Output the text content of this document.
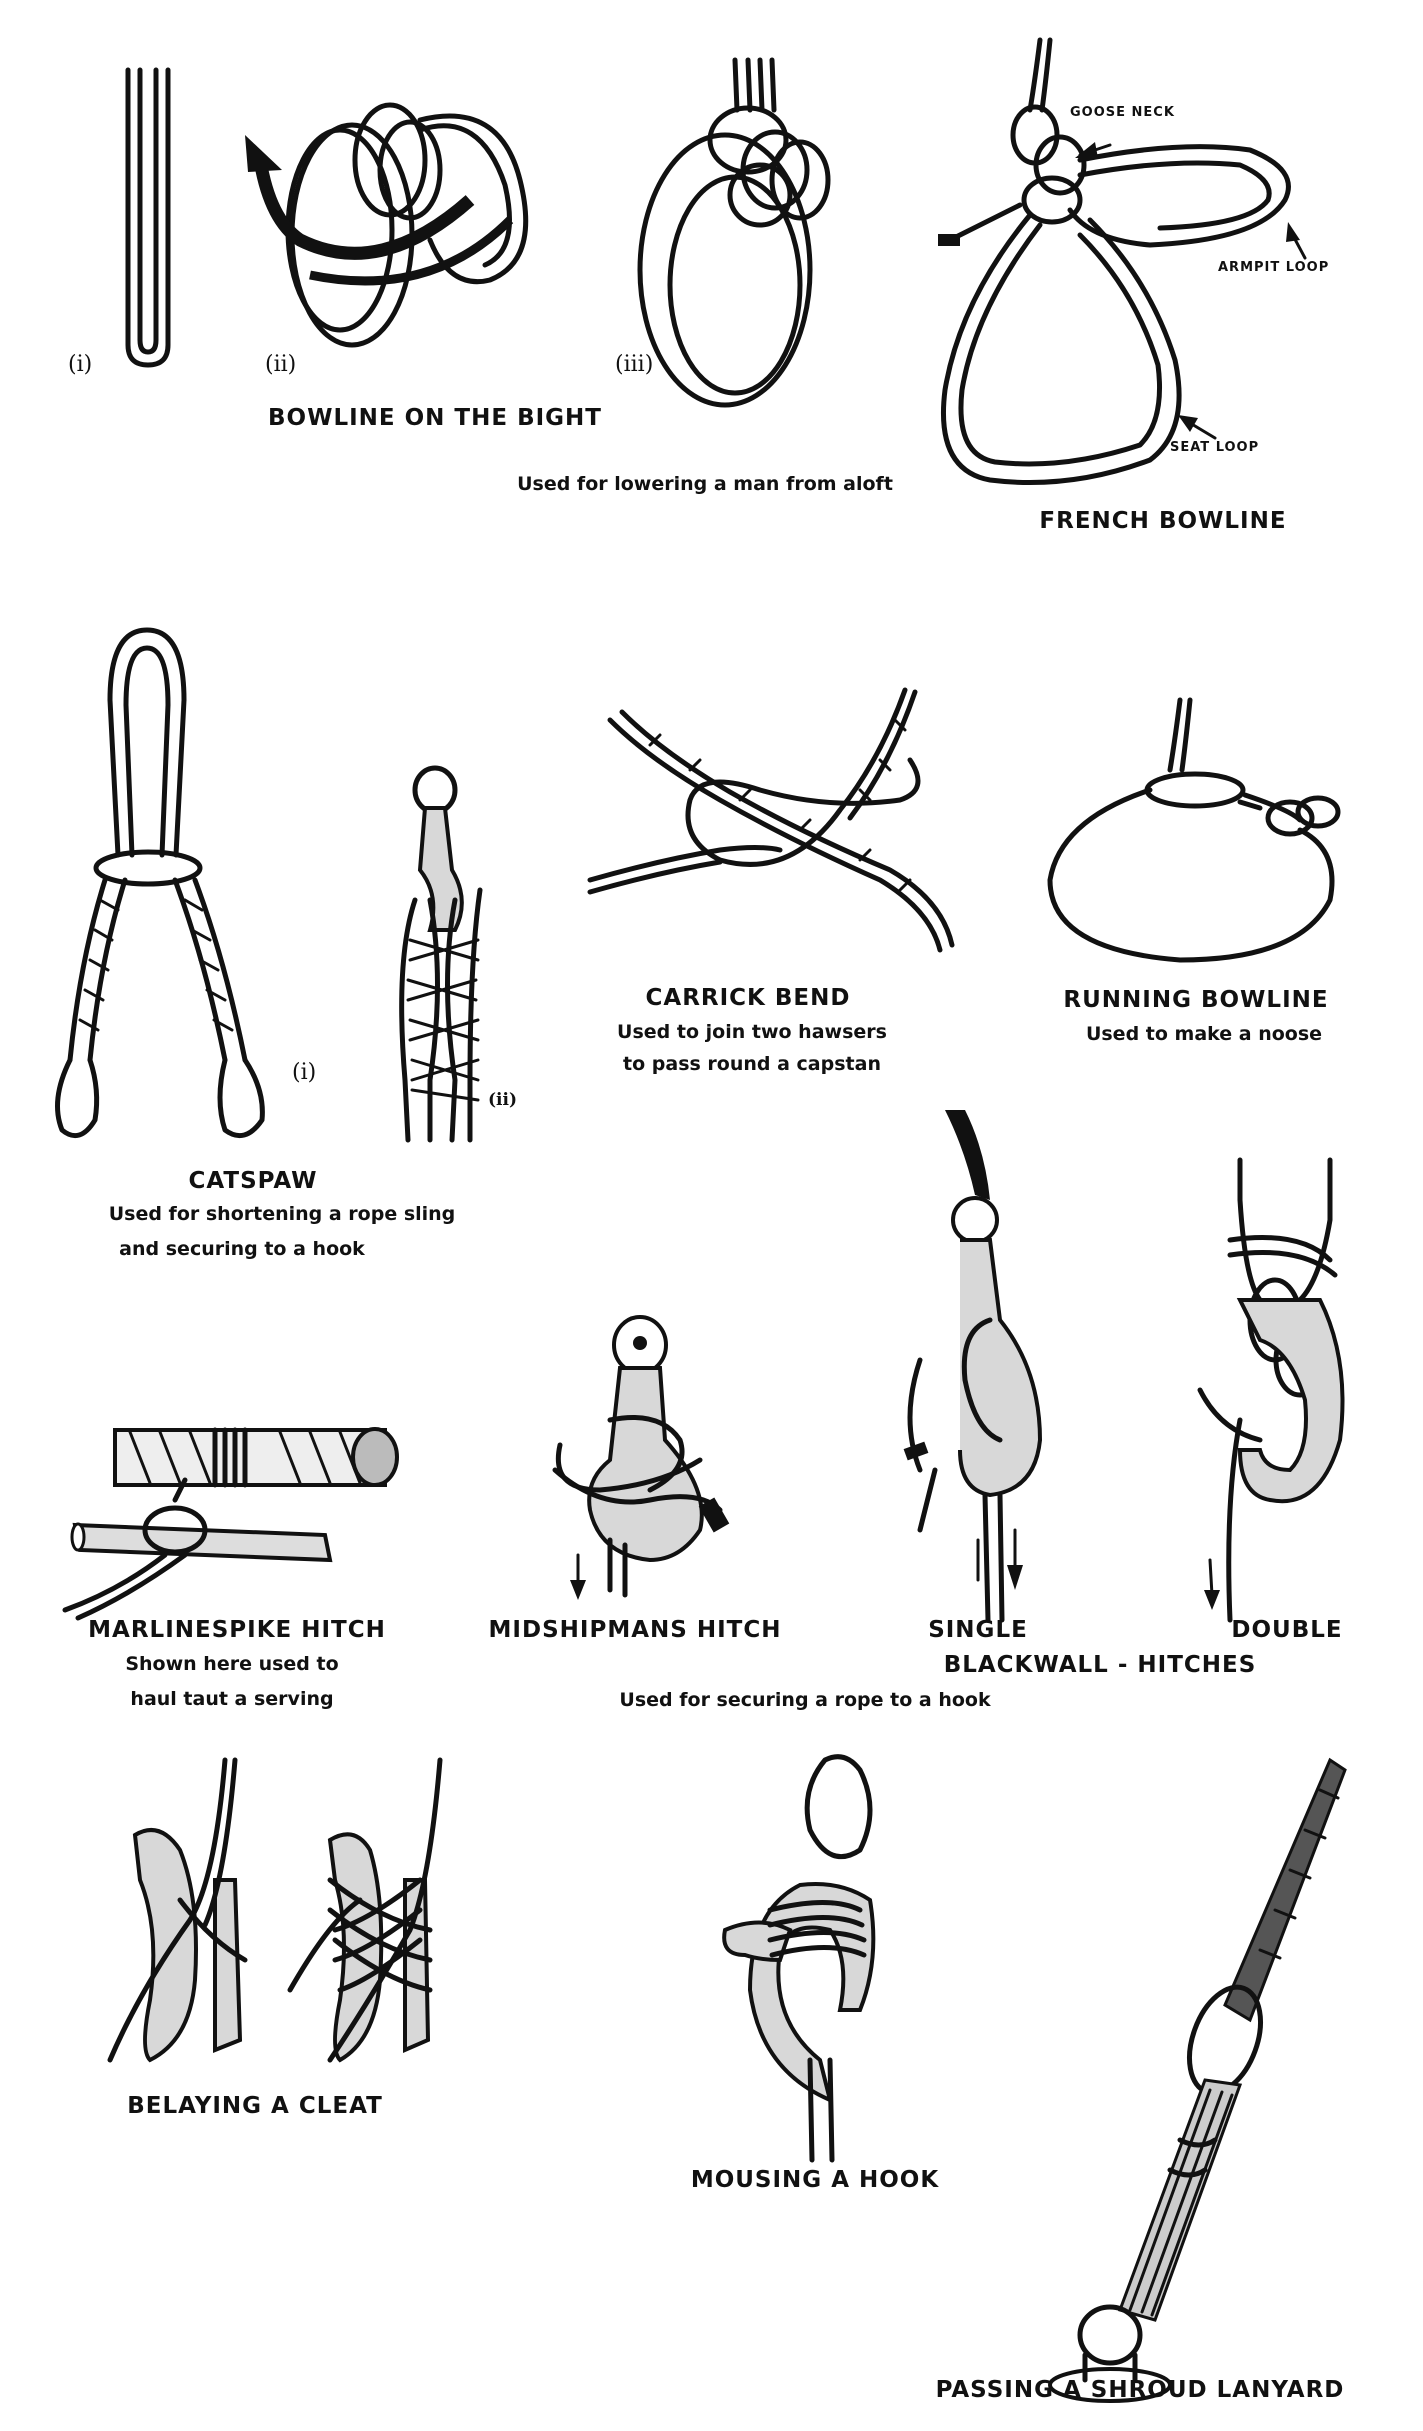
(i)	(ii)	(iii)
BOWLINE ON THE BIGHT
Used for lowering a man from aloft
GOOSE NECK
ARMPIT LOOP
SEAT LOOP
FRENCH BOWLINE
(i)
(ii)
CATSPAW
Used for shortening a rope sling
and securing to a hook
CARRICK BEND
Used to join two hawsers
to pass round a capstan
RUNNING BOWLINE
Used to make a noose
MARLINESPIKE HITCH
Shown here used to
haul taut a serving
MIDSHIPMANS HITCH	SINGLE	DOUBLE
BLACKWALL - HITCHES
Used for securing a rope to a hook
BELAYING A CLEAT
MOUSING A HOOK
PASSING A SHROUD LANYARD
